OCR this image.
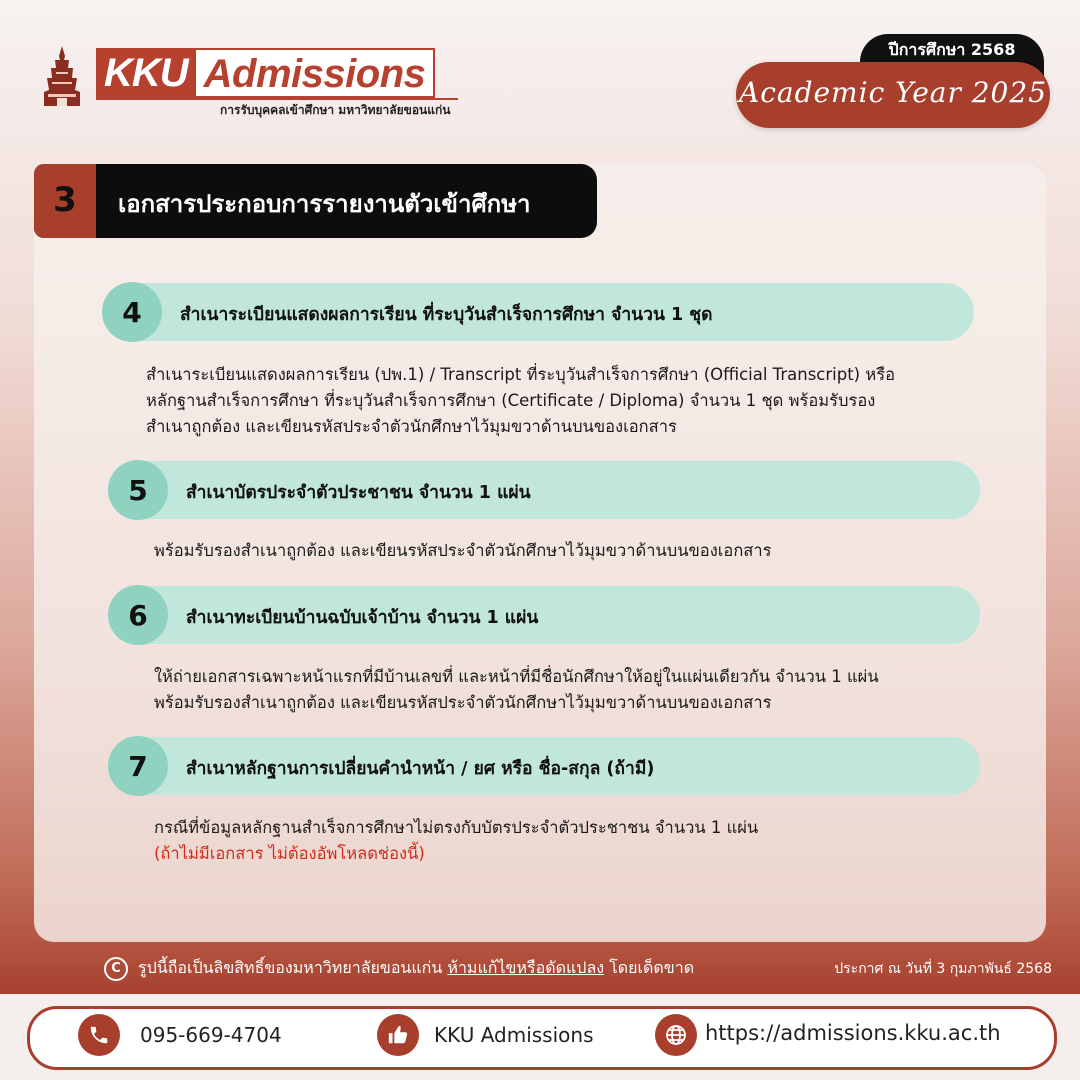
KKU Admissions
การรับบุคคลเข้าศึกษา มหาวิทยาลัยขอนแก่น
ปีการศึกษา 2568
Academic Year 2025
3	เอกสารประกอบการรายงานตัวเข้าศึกษา
4	สำเนาระเบียนแสดงผลการเรียน ที่ระบุวันสำเร็จการศึกษา จำนวน 1 ชุด
สำเนาระเบียนแสดงผลการเรียน (ปพ.1) / Transcript ที่ระบุวันสำเร็จการศึกษา (Official Transcript) หรือ
หลักฐานสำเร็จการศึกษา ที่ระบุวันสำเร็จการศึกษา (Certificate / Diploma) จำนวน 1 ชุด พร้อมรับรอง
สำเนาถูกต้อง และเขียนรหัสประจำตัวนักศึกษาไว้มุมขวาด้านบนของเอกสาร
5	สำเนาบัตรประจำตัวประชาชน จำนวน 1 แผ่น
พร้อมรับรองสำเนาถูกต้อง และเขียนรหัสประจำตัวนักศึกษาไว้มุมขวาด้านบนของเอกสาร
6	สำเนาทะเบียนบ้านฉบับเจ้าบ้าน จำนวน 1 แผ่น
ให้ถ่ายเอกสารเฉพาะหน้าแรกที่มีบ้านเลขที่ และหน้าที่มีชื่อนักศึกษาให้อยู่ในแผ่นเดียวกัน จำนวน 1 แผ่น
พร้อมรับรองสำเนาถูกต้อง และเขียนรหัสประจำตัวนักศึกษาไว้มุมขวาด้านบนของเอกสาร
7	สำเนาหลักฐานการเปลี่ยนคำนำหน้า / ยศ หรือ ชื่อ-สกุล (ถ้ามี)
กรณีที่ข้อมูลหลักฐานสำเร็จการศึกษาไม่ตรงกับบัตรประจำตัวประชาชน จำนวน 1 แผ่น
(ถ้าไม่มีเอกสาร ไม่ต้องอัพโหลดช่องนี้)
C	รูปนี้ถือเป็นลิขสิทธิ์ของมหาวิทยาลัยขอนแก่น
ห้ามแก้ไขหรือดัดแปลง
โดยเด็ดขาด	ประกาศ ณ วันที่ 3 กุมภาพันธ์ 2568
095-669-4704	KKU Admissions	https://admissions.kku.ac.th
